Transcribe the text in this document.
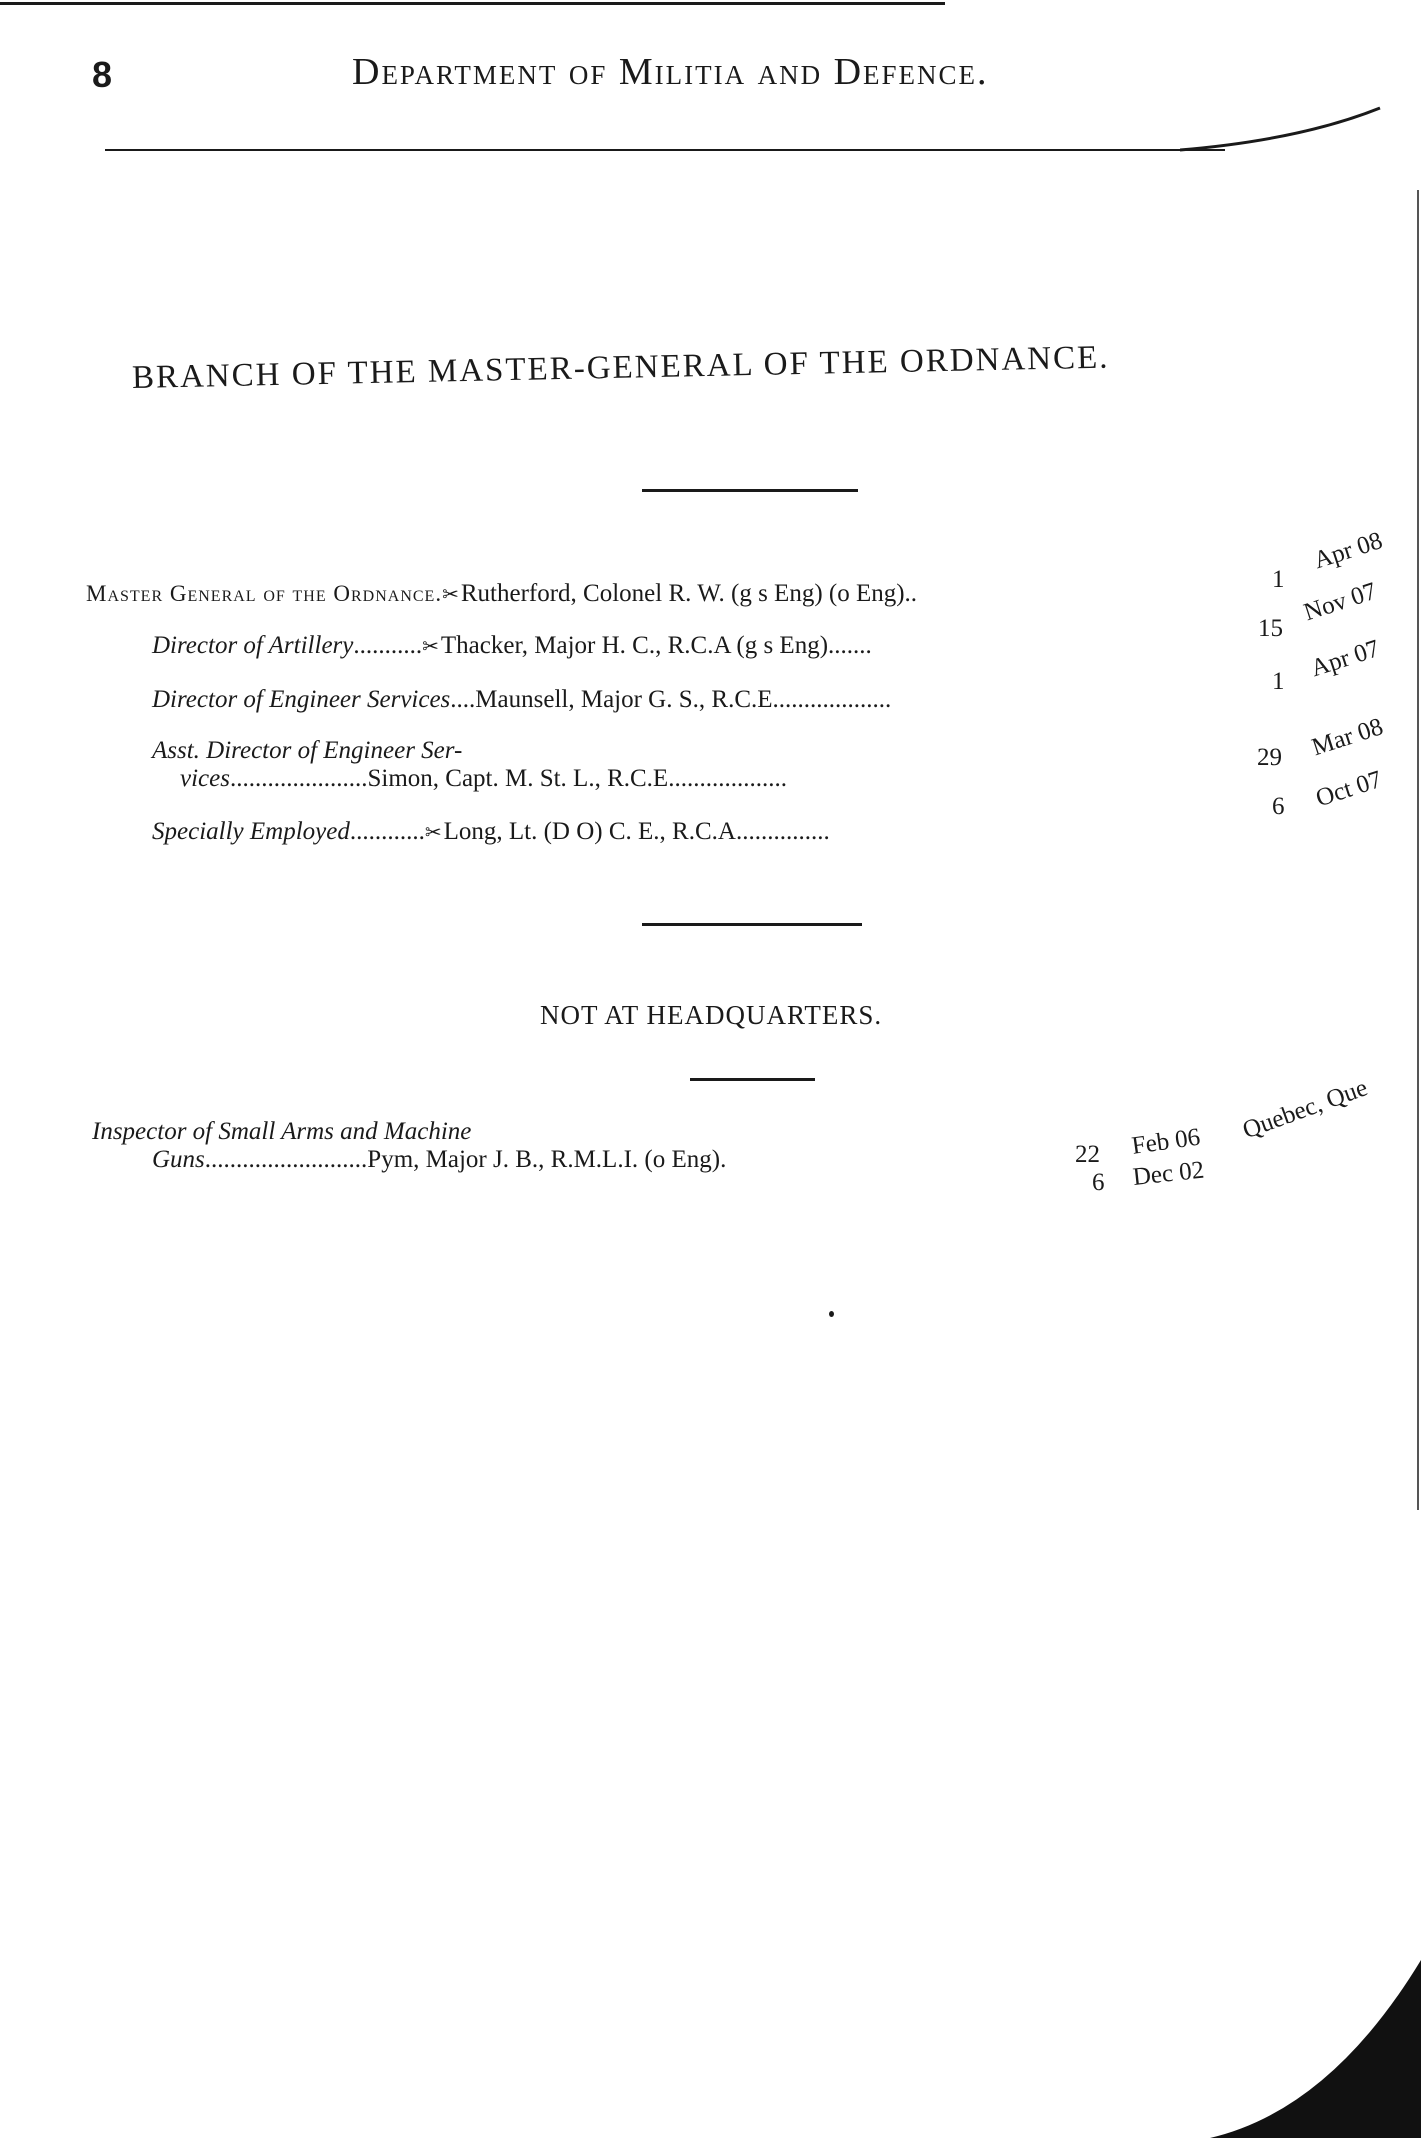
8	Department of Militia and Defence.
BRANCH OF THE MASTER-GENERAL OF THE ORDNANCE.
Master General of the Ordnance.✂Rutherford, Colonel R. W. (g s Eng) (o Eng)..
1
Apr 08
Director of Artillery...........✂Thacker, Major H. C., R.C.A (g s Eng).......
15
Nov 07
Director of Engineer Services....Maunsell, Major G. S., R.C.E...................
1 Apr 07
Asst. Director of Engineer Ser-
vices......................Simon, Capt. M. St. L., R.C.E...................
29 Mar 08
Specially Employed............✂Long, Lt. (D O) C. E., R.C.A...............
6 Oct 07
NOT AT HEADQUARTERS.
Inspector of Small Arms and Machine
Guns..........................Pym, Major J. B., R.M.L.I. (o Eng).	22 Feb 06 Quebec, Que
6 Dec 02
